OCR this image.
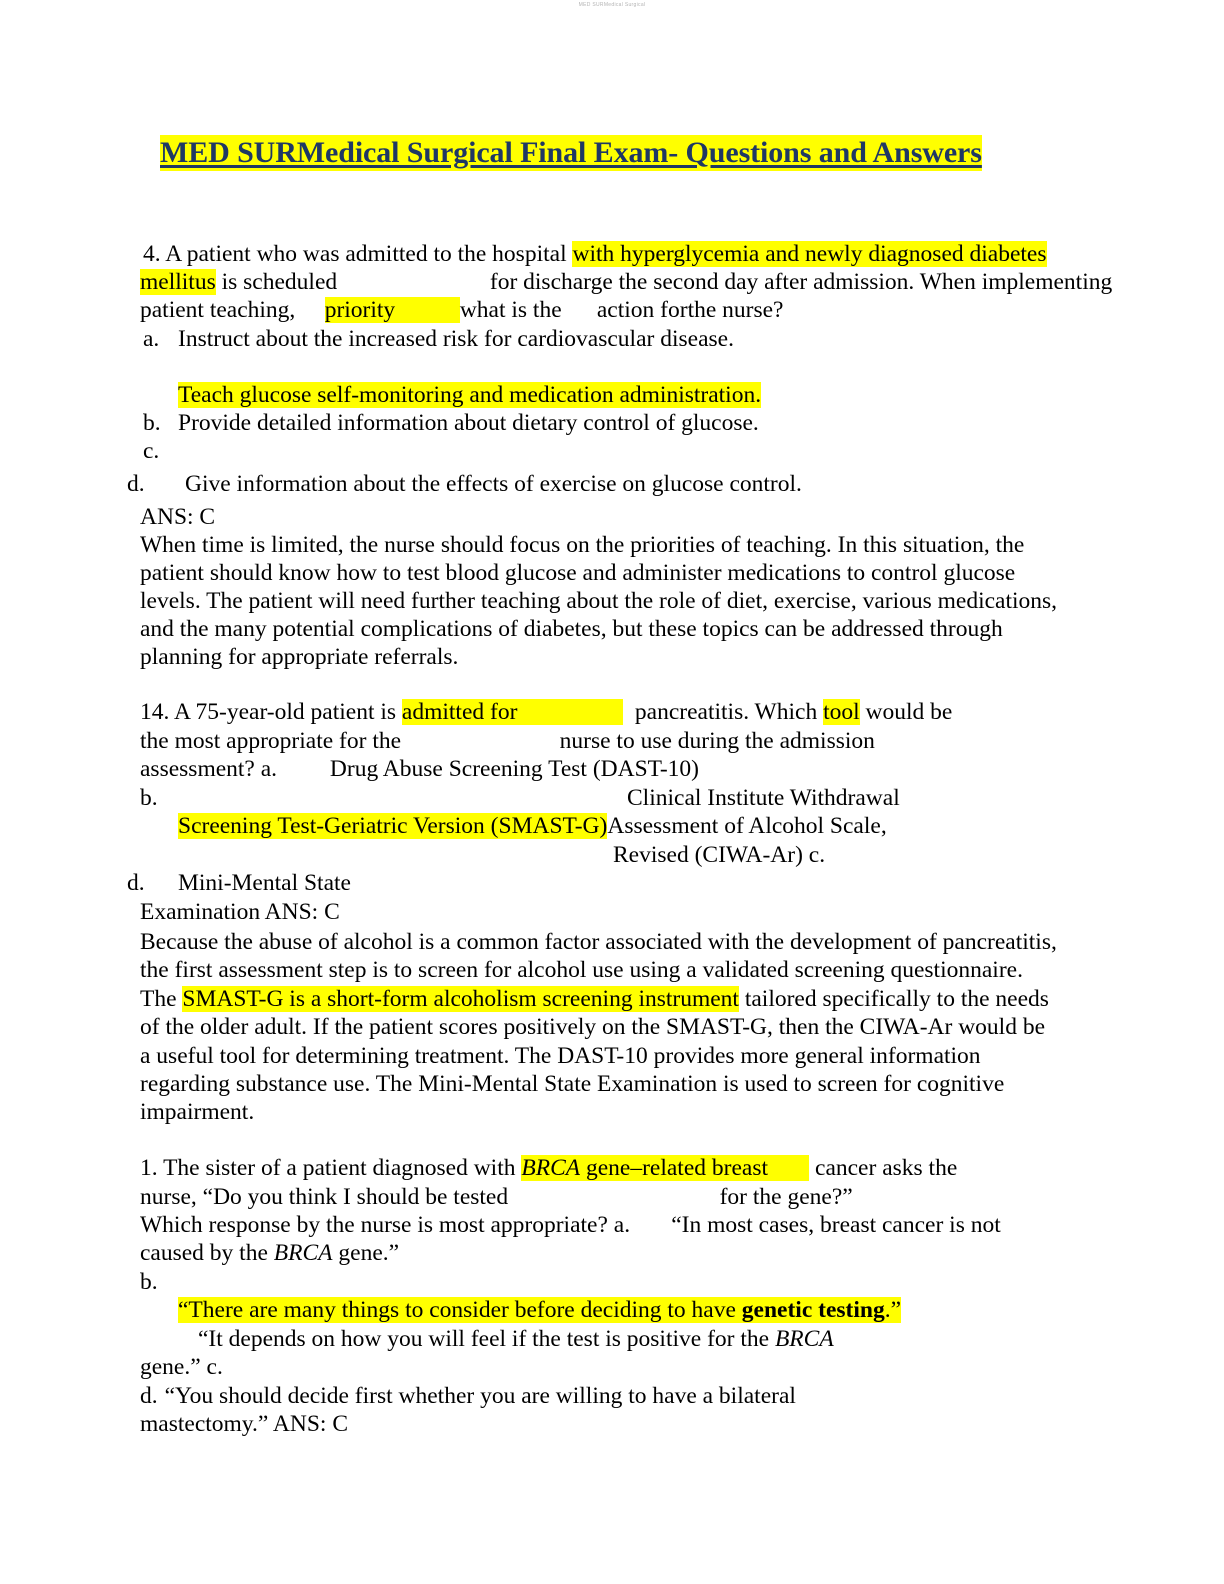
MED SURMedical Surgical
MED SURMedical Surgical Final Exam- Questions and Answers
4. A patient who was admitted to the hospital with hyperglycemia and newly diagnosed diabetes
mellitus is scheduled                          for discharge the second day after admission. When implementing
patient teaching,     priority           what is the      action forthe nurse?
a. Instruct about the increased risk for cardiovascular disease.
Teach glucose self-monitoring and medication administration.
b. Provide detailed information about dietary control of glucose.
c.
d. Give information about the effects of exercise on glucose control.
ANS: C
When time is limited, the nurse should focus on the priorities of teaching. In this situation, the
patient should know how to test blood glucose and administer medications to control glucose
levels. The patient will need further teaching about the role of diet, exercise, various medications,
and the many potential complications of diabetes, but these topics can be addressed through
planning for appropriate referrals.
14. A 75-year-old patient is admitted for                    pancreatitis. Which tool would be
the most appropriate for the                           nurse to use during the admission
assessment? a.         Drug Abuse Screening Test (DAST-10)
b.	Clinical Institute Withdrawal
Screening Test-Geriatric Version (SMAST-G)Assessment of Alcohol Scale,
Revised (CIWA-Ar) c.
d. Mini-Mental State
Examination ANS: C
Because the abuse of alcohol is a common factor associated with the development of pancreatitis,
the first assessment step is to screen for alcohol use using a validated screening questionnaire.
The SMAST-G is a short-form alcoholism screening instrument tailored specifically to the needs
of the older adult. If the patient scores positively on the SMAST-G, then the CIWA-Ar would be
a useful tool for determining treatment. The DAST-10 provides more general information
regarding substance use. The Mini-Mental State Examination is used to screen for cognitive
impairment.
1. The sister of a patient diagnosed with BRCA gene–related breast        cancer asks the
nurse, “Do you think I should be tested                                    for the gene?”
Which response by the nurse is most appropriate? a.       “In most cases, breast cancer is not
caused by the BRCA gene.”
b.
“There are many things to consider before deciding to have genetic testing.”
“It depends on how you will feel if the test is positive for the BRCA
gene.” c.
d. “You should decide first whether you are willing to have a bilateral
mastectomy.” ANS: C
